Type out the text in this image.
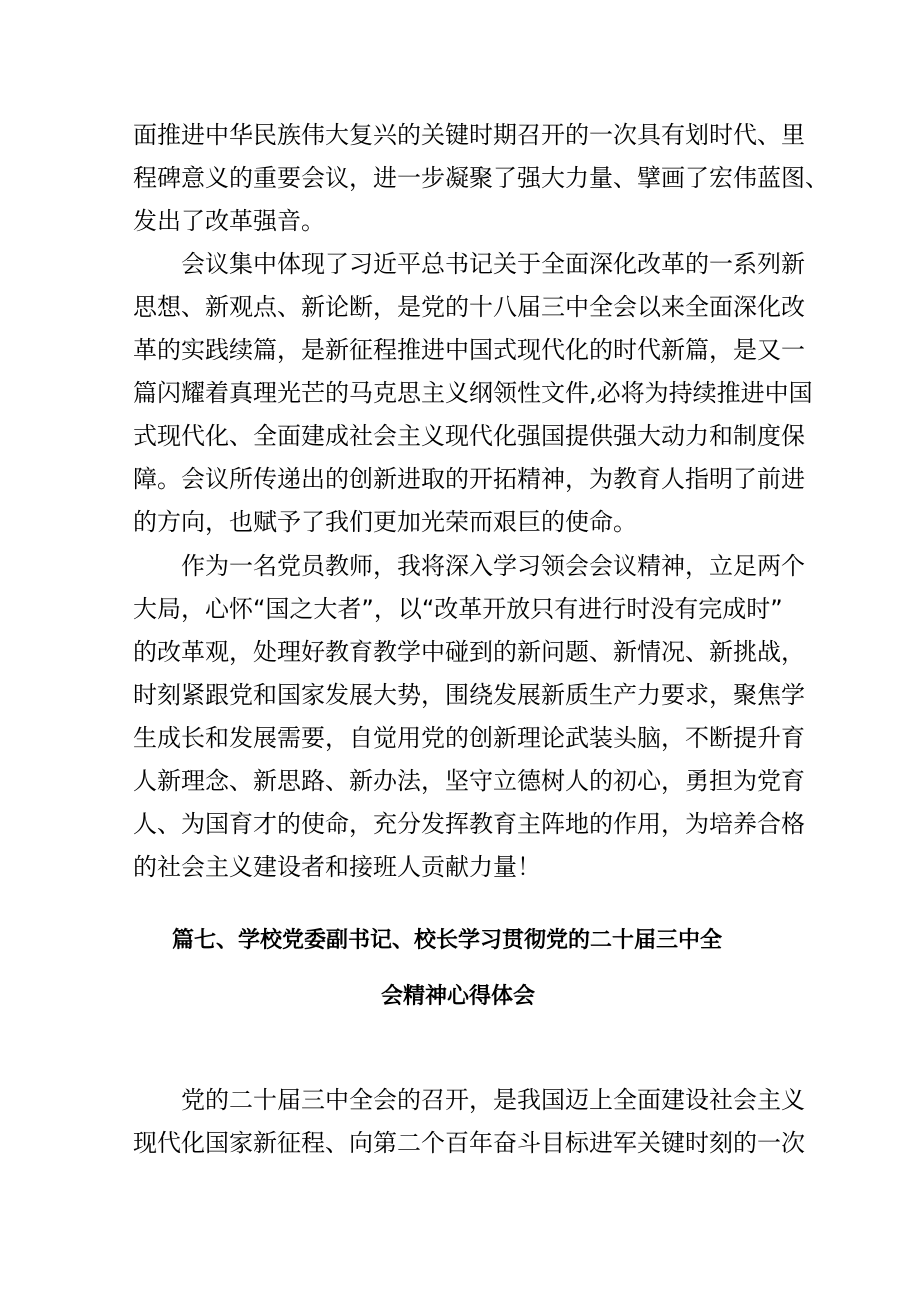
面推进中华民族伟大复兴的关键时期召开的一次具有划时代、里
程碑意义的重要会议，进一步凝聚了强大力量、擘画了宏伟蓝图、
发出了改革强音。
会议集中体现了习近平总书记关于全面深化改革的一系列新
思想、新观点、新论断，是党的十八届三中全会以来全面深化改
革的实践续篇，是新征程推进中国式现代化的时代新篇，是又一
篇闪耀着真理光芒的马克思主义纲领性文件,必将为持续推进中国
式现代化、全面建成社会主义现代化强国提供强大动力和制度保
障。会议所传递出的创新进取的开拓精神，为教育人指明了前进
的方向，也赋予了我们更加光荣而艰巨的使命。
作为一名党员教师，我将深入学习领会会议精神，立足两个
大局，心怀“国之大者”，以“改革开放只有进行时没有完成时”
的改革观，处理好教育教学中碰到的新问题、新情况、新挑战，
时刻紧跟党和国家发展大势，围绕发展新质生产力要求，聚焦学
生成长和发展需要，自觉用党的创新理论武装头脑，不断提升育
人新理念、新思路、新办法，坚守立德树人的初心，勇担为党育
人、为国育才的使命，充分发挥教育主阵地的作用，为培养合格
的社会主义建设者和接班人贡献力量！
篇七、学校党委副书记、校长学习贯彻党的二十届三中全
会精神心得体会
党的二十届三中全会的召开，是我国迈上全面建设社会主义
现代化国家新征程、向第二个百年奋斗目标进军关键时刻的一次
